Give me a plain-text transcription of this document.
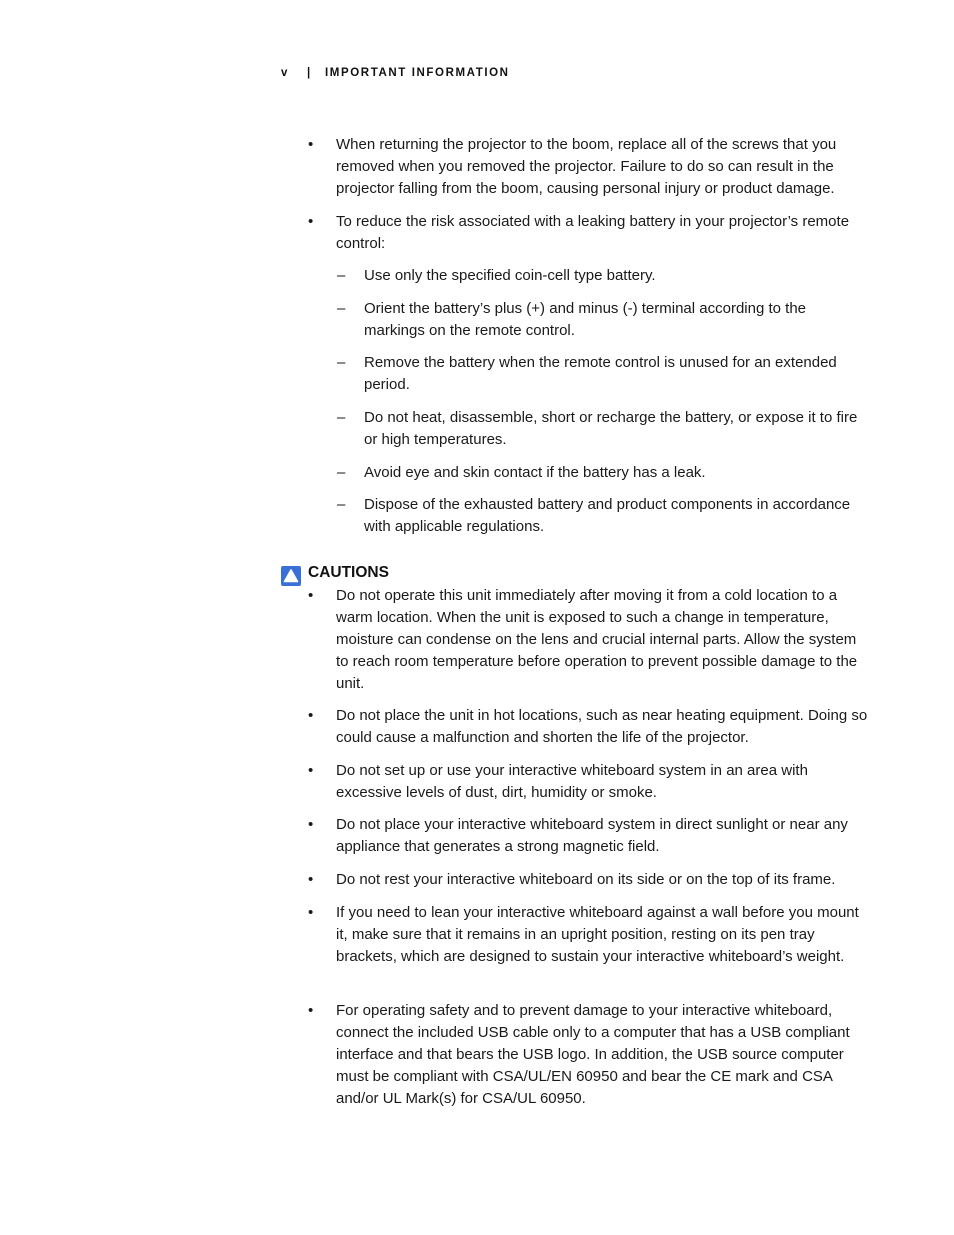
v | IMPORTANT INFORMATION
•	When returning the projector to the boom, replace all of the screws that you removed when you removed the projector. Failure to do so can result in the projector falling from the boom, causing personal injury or product damage.
•	To reduce the risk associated with a leaking battery in your projector’s remote control:
– Use only the specified coin-cell type battery.
– Orient the battery’s plus (+) and minus (-) terminal according to the markings on the remote control.
– Remove the battery when the remote control is unused for an extended period.
– Do not heat, disassemble, short or recharge the battery, or expose it to fire or high temperatures.
– Avoid eye and skin contact if the battery has a leak.
– Dispose of the exhausted battery and product components in accordance with applicable regulations.
CAUTIONS
•	Do not operate this unit immediately after moving it from a cold location to a warm location. When the unit is exposed to such a change in temperature, moisture can condense on the lens and crucial internal parts. Allow the system to reach room temperature before operation to prevent possible damage to the unit.
•	Do not place the unit in hot locations, such as near heating equipment. Doing so could cause a malfunction and shorten the life of the projector.
•	Do not set up or use your interactive whiteboard system in an area with excessive levels of dust, dirt, humidity or smoke.
•	Do not place your interactive whiteboard system in direct sunlight or near any appliance that generates a strong magnetic field.
•	Do not rest your interactive whiteboard on its side or on the top of its frame.
•	If you need to lean your interactive whiteboard against a wall before you mount it, make sure that it remains in an upright position, resting on its pen tray brackets, which are designed to sustain your interactive whiteboard’s weight.
•	For operating safety and to prevent damage to your interactive whiteboard, connect the included USB cable only to a computer that has a USB compliant interface and that bears the USB logo. In addition, the USB source computer must be compliant with CSA/UL/EN 60950 and bear the CE mark and CSA and/or UL Mark(s) for CSA/UL 60950.
